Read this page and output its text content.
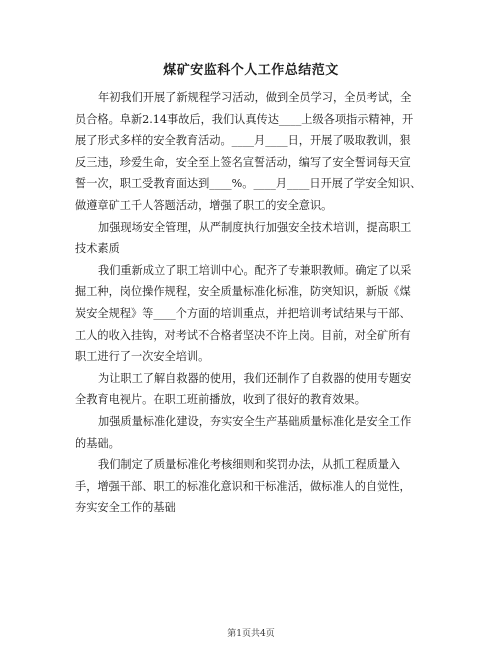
煤矿安监科个人工作总结范文
年初我们开展了新规程学习活动，做到全员学习，全员考试，全
员合格。阜新2.14事故后，我们认真传达____上级各项指示精神，开
展了形式多样的安全教育活动。____月____日，开展了吸取教训，狠
反三违，珍爱生命，安全至上签名宣誓活动，编写了安全誓词每天宣
誓一次，职工受教育面达到____%。____月____日开展了学安全知识、
做遵章矿工千人答题活动，增强了职工的安全意识。
加强现场安全管理，从严制度执行加强安全技术培训，提高职工
技术素质
我们重新成立了职工培训中心。配齐了专兼职教师。确定了以采
掘工种，岗位操作规程，安全质量标准化标准，防突知识，新版《煤
炭安全规程》等____个方面的培训重点，并把培训考试结果与干部、
工人的收入挂钩，对考试不合格者坚决不许上岗。目前，对全矿所有
职工进行了一次安全培训。
为让职工了解自救器的使用，我们还制作了自救器的使用专题安
全教育电视片。在职工班前播放，收到了很好的教育效果。
加强质量标准化建设，夯实安全生产基础质量标准化是安全工作
的基础。
我们制定了质量标准化考核细则和奖罚办法，从抓工程质量入
手，增强干部、职工的标准化意识和干标准活，做标准人的自觉性，
夯实安全工作的基础
第1页共4页
